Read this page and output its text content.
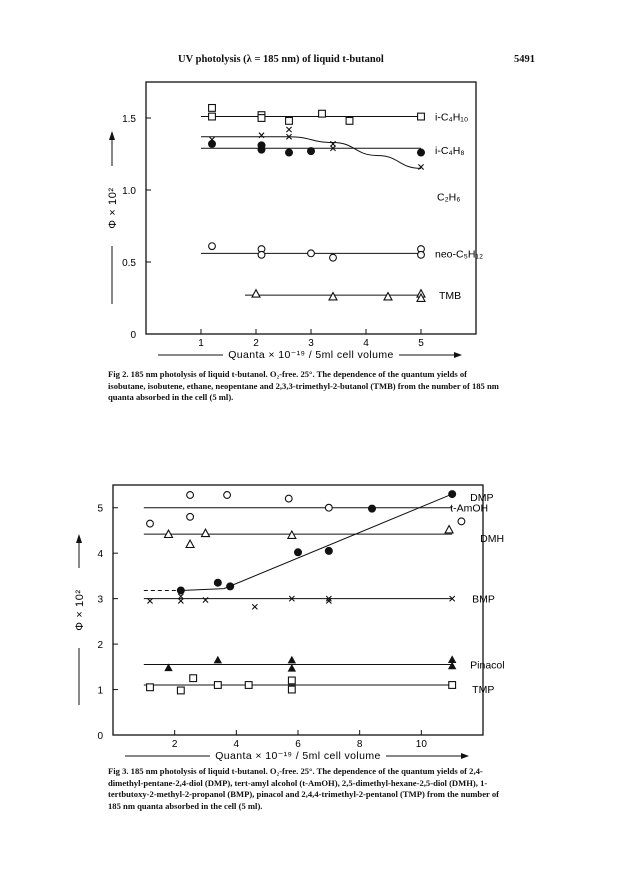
UV photolysis (λ = 185 nm) of liquid t-butanol	5491
0
0.5
1.0
1.5
1	2	3	4	5
Quanta × 10⁻¹⁹ / 5ml cell volume
Φ × 10²
i-C₄H₁₀
i-C₄H₈
C₂H₆
neo-C₅H₁₂
TMB
Fig 2. 185 nm photolysis of liquid t-butanol. O₂-free. 25°. The dependence of the quantum yields of isobutane, isobutene, ethane, neopentane and 2,3,3-trimethyl-2-butanol (TMB) from the number of 185 nm quanta absorbed in the cell (5 ml).
0
1
2
3
4
5
2	4	6	8	10
Quanta × 10⁻¹⁹ / 5ml cell volume
Φ × 10²
DMP
t-AmOH
DMH
BMP
Pinacol
TMP
Fig 3. 185 nm photolysis of liquid t-butanol. O₂-free. 25°. The dependence of the quantum yields of 2,4-dimethyl-pentane-2,4-diol (DMP), tert-amyl alcohol (t-AmOH), 2,5-dimethyl-hexane-2,5-diol (DMH), 1-tertbutoxy-2-methyl-2-propanol (BMP), pinacol and 2,4,4-trimethyl-2-pentanol (TMP) from the number of 185 nm quanta absorbed in the cell (5 ml).
